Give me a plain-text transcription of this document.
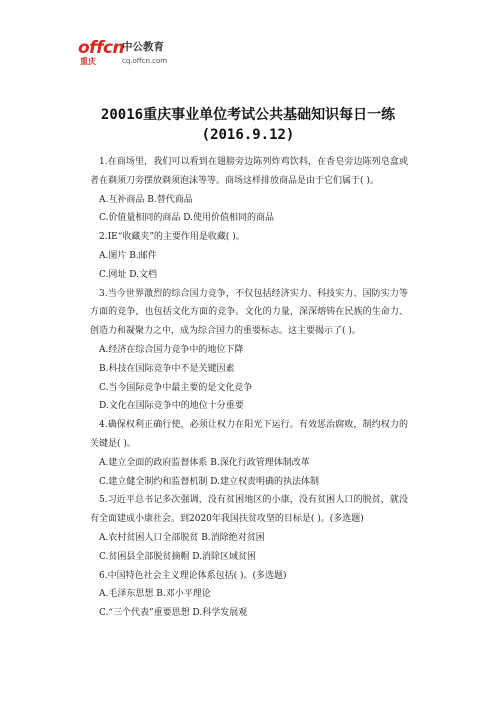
offcn
中公教育
重庆	cq.offcn.com
20016重庆事业单位考试公共基础知识每日一练
(2016.9.12)

1.在商场里，我们可以看到在翅膀旁边陈列炸鸡饮料，在香皂旁边陈列皂盒或者在剃须刀旁摆放剃须泡沫等等。商场这样排放商品是由于它们属于( )。

A.互补商品 B.替代商品

C.价值量相同的商品 D.使用价值相同的商品

2.IE“收藏夹”的主要作用是收藏( )。

A.图片 B.邮件

C.网址 D.文档

3.当今世界激烈的综合国力竞争，不仅包括经济实力、科技实力、国防实力等方面的竞争，也包括文化方面的竞争。文化的力量，深深熔铸在民族的生命力、创造力和凝聚力之中，成为综合国力的重要标志。这主要揭示了( )。

A.经济在综合国力竞争中的地位下降

B.科技在国际竞争中不是关键因素

C.当今国际竞争中最主要的是文化竞争

D.文化在国际竞争中的地位十分重要

4.确保权利正确行使，必须让权力在阳光下运行。有效惩治腐败，制约权力的关键是( )。

A.建立全面的政府监督体系 B.深化行政管理体制改革

C.建立健全制约和监督机制 D.建立权责明确的执法体制

5.习近平总书记多次强调，没有贫困地区的小康，没有贫困人口的脱贫，就没有全面建成小康社会。到2020年我国扶贫攻坚的目标是( )。(多选题)

A.农村贫困人口全部脱贫 B.消除绝对贫困

C.贫困县全部脱贫摘帽 D.消除区域贫困

6.中国特色社会主义理论体系包括( )。(多选题)

A.毛泽东思想 B.邓小平理论

C.“三个代表”重要思想 D.科学发展观
